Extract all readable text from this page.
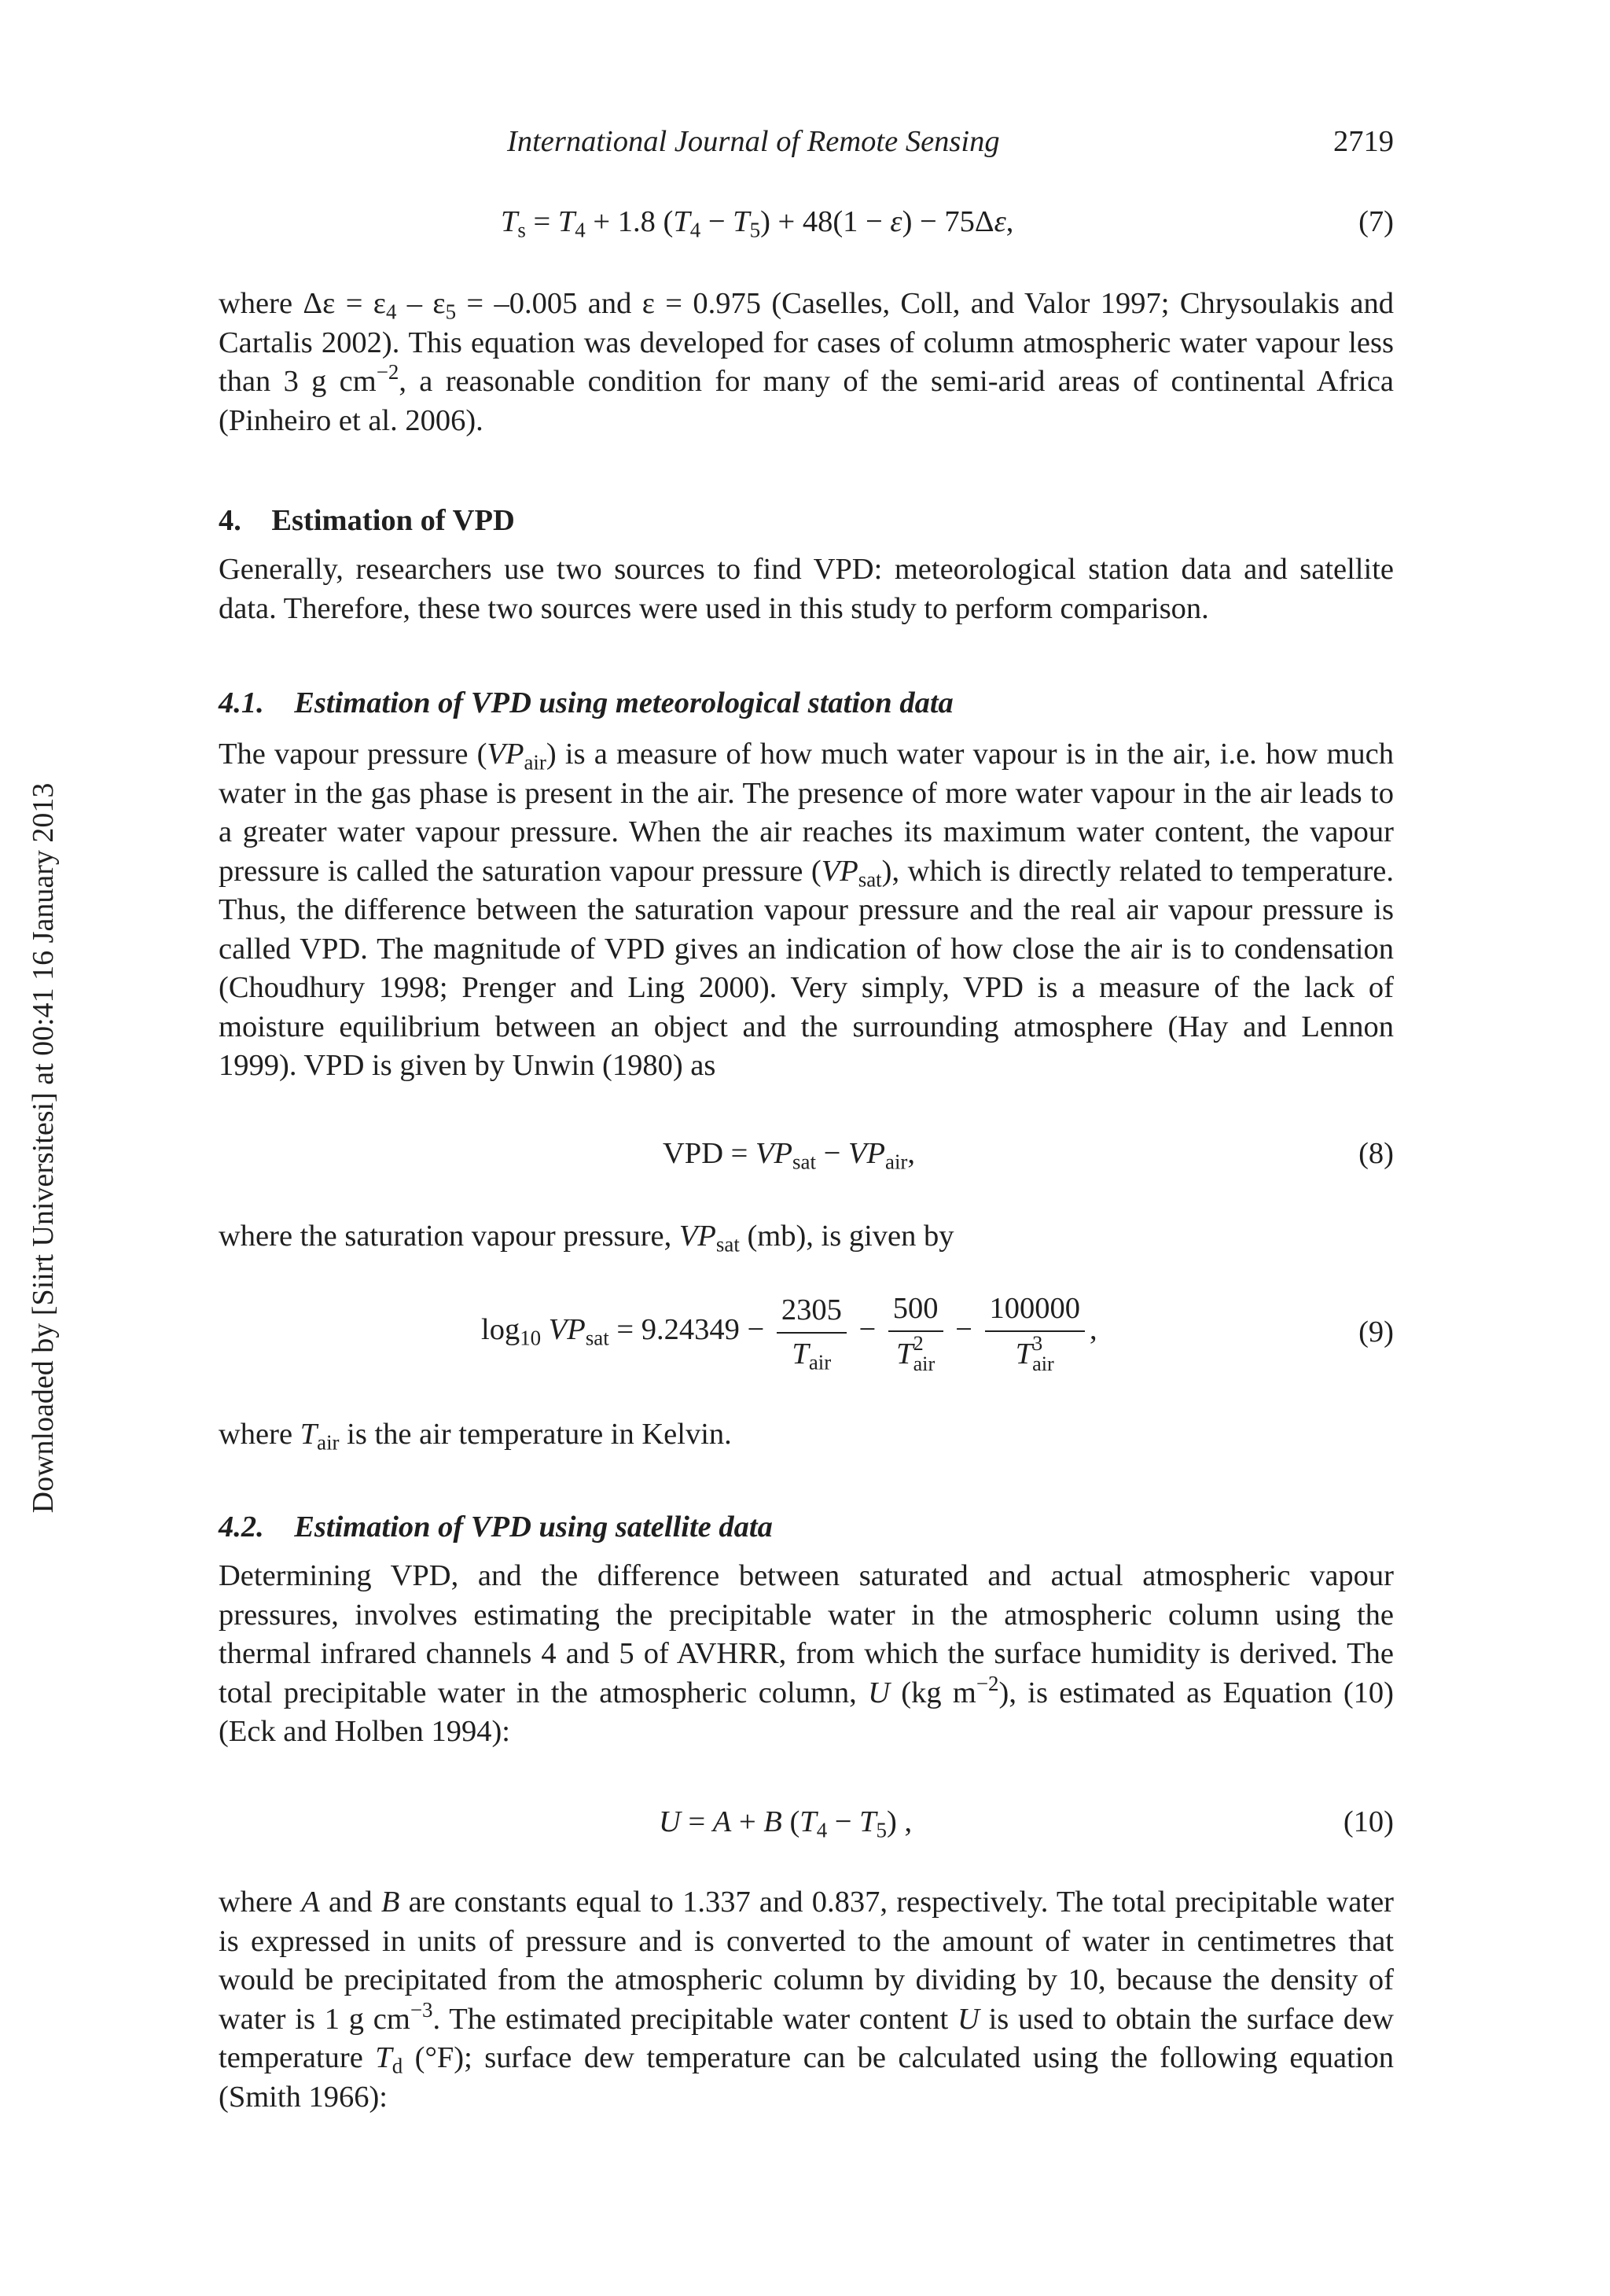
International Journal of Remote Sensing	2719
Downloaded by [Siirt Universitesi] at 00:41 16 January 2013
$T_s = T_4 + 1.8$ $(T_4 - T_5) + 48(1 - \varepsilon) - 75\Delta\varepsilon$,	(7)

where $\Delta\varepsilon = \varepsilon_4 - \varepsilon_5 = -0.005$ and ε = 0.975 (Caselles, Coll, and Valor 1997; Chrysoulakis and Cartalis 2002). This equation was developed for cases of column atmospheric water vapour less than 3 g $cm^{-2}$, a reasonable condition for many of the semi-arid areas of continental Africa (Pinheiro et al. 2006).

4.    Estimation of VPD

Generally, researchers use two sources to find VPD: meteorological station data and satellite data. Therefore, these two sources were used in this study to perform comparison.

4.1.    Estimation of VPD using meteorological station data

The vapour pressure $(VP_{air})$ is a measure of how much water vapour is in the air, i.e. how much water in the gas phase is present in the air. The presence of more water vapour in the air leads to a greater water vapour pressure. When the air reaches its maximum water content, the vapour pressure is called the saturation vapour pressure $(VP_{sat})$, which is directly related to temperature. Thus, the difference between the saturation vapour pressure and the real air vapour pressure is called VPD. The magnitude of VPD gives an indication of how close the air is to condensation (Choudhury 1998; Prenger and Ling 2000). Very simply, VPD is a measure of the lack of moisture equilibrium between an object and the surrounding atmosphere (Hay and Lennon 1999). VPD is given by Unwin (1980) as

VPD = $VP_{sat} - VP_{air}$,	(8)

where the saturation vapour pressure, $VP_{sat}$ (mb), is given by

$\log_{10} VP_{sat} = 9.24349 - \frac{2305}{T_{air}} - 500$
T 2
air − 100000
T 3
air ,	(9)

where $T_{air}$ is the air temperature in Kelvin.

4.2.    Estimation of VPD using satellite data

Determining VPD, and the difference between saturated and actual atmospheric vapour pressures, involves estimating the precipitable water in the atmospheric column using the thermal infrared channels 4 and 5 of AVHRR, from which the surface humidity is derived. The total precipitable water in the atmospheric column, U (kg $m^{-2}$), is estimated as Equation (10) (Eck and Holben 1994):

U = A + B $(T_4 - T_5)$ ,	(10)

where A and B are constants equal to 1.337 and 0.837, respectively. The total precipitable water is expressed in units of pressure and is converted to the amount of water in centimetres that would be precipitated from the atmospheric column by dividing by 10, because the density of water is 1 g $cm^{-3}$. The estimated precipitable water content U is used to obtain the surface dew temperature $T_d$ (°F); surface dew temperature can be calculated using the following equation (Smith 1966):
